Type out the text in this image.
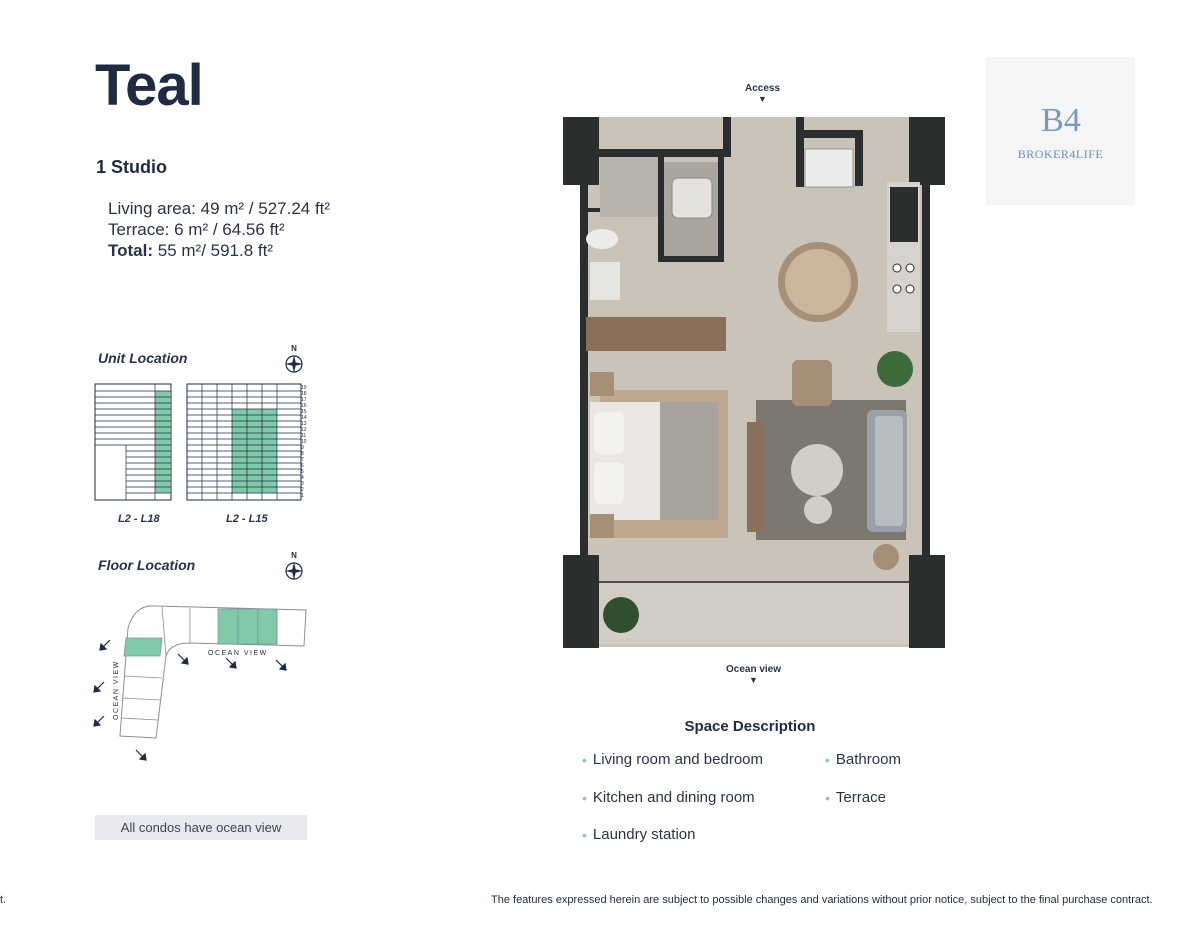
Teal
1 Studio
Living area: 49 m² / 527.24 ft²
Terrace: 6 m² / 64.56 ft²
Total: 55 m²/ 591.8 ft²
Unit Location
N
19
18
17
16
15
14
13
12
11
10
9
8
7
6
5
4
3
2
1
L2 - L18	L2 - L15
Floor Location
N
OCEAN VIEW
OCEAN VIEW
All condos have ocean view
Access
▼
Ocean view
▼
B4
BROKER4LIFE
Space Description
• Living room and bedroom
• Kitchen and dining room
• Laundry station
• Bathroom
• Terrace
t.	The features expressed herein are subject to possible changes and variations without prior notice, subject to the final purchase contract.
